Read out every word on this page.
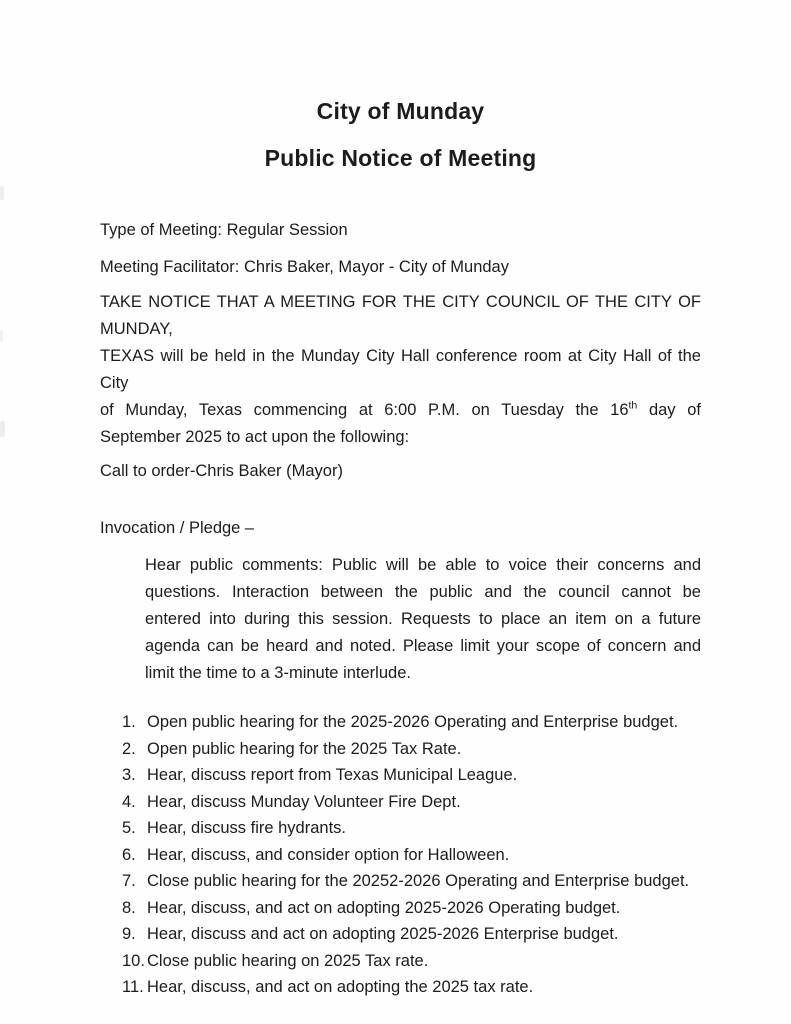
City of Munday
Public Notice of Meeting

Type of Meeting: Regular Session

Meeting Facilitator: Chris Baker, Mayor - City of Munday

TAKE NOTICE THAT A MEETING FOR THE CITY COUNCIL OF THE CITY OF MUNDAY,
TEXAS will be held in the Munday City Hall conference room at City Hall of the City
of Munday, Texas commencing at 6:00 P.M. on Tuesday the 16th day of
September 2025 to act upon the following:

Call to order-Chris Baker (Mayor)

Invocation / Pledge –

Hear public comments: Public will be able to voice their concerns and
questions. Interaction between the public and the council cannot be
entered into during this session. Requests to place an item on a future
agenda can be heard and noted. Please limit your scope of concern and
limit the time to a 3-minute interlude.
1. Open public hearing for the 2025-2026 Operating and Enterprise budget.
2. Open public hearing for the 2025 Tax Rate.
3. Hear, discuss report from Texas Municipal League.
4. Hear, discuss Munday Volunteer Fire Dept.
5. Hear, discuss fire hydrants.
6. Hear, discuss, and consider option for Halloween.
7. Close public hearing for the 20252-2026 Operating and Enterprise budget.
8. Hear, discuss, and act on adopting 2025-2026 Operating budget.
9. Hear, discuss and act on adopting 2025-2026 Enterprise budget.
10. Close public hearing on 2025 Tax rate.
11. Hear, discuss, and act on adopting the 2025 tax rate.
